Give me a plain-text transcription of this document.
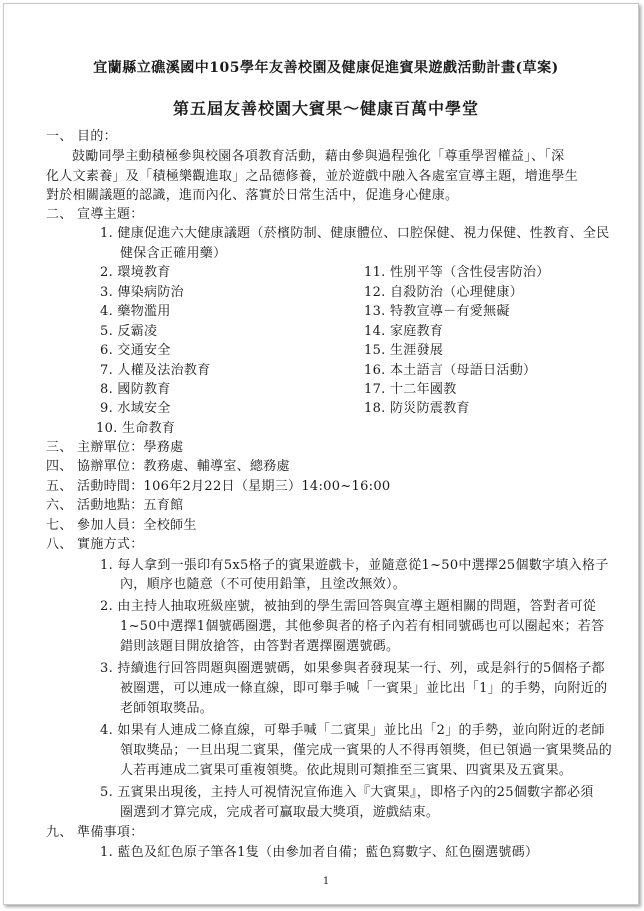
宜蘭縣立礁溪國中105學年友善校園及健康促進賓果遊戲活動計畫(草案)
第五屆友善校園大賓果～健康百萬中學堂
一、 目的：
鼓勵同學主動積極參與校園各項教育活動，藉由參與過程強化「尊重學習權益」、「深
化人文素養」及「積極樂觀進取」之品德修養，並於遊戲中融入各處室宣導主題，增進學生
對於相關議題的認識，進而內化、落實於日常生活中，促進身心健康。
二、 宣導主題：
1. 健康促進六大健康議題（菸檳防制、健康體位、口腔保健、視力保健、性教育、全民
健保含正確用藥）
2. 環境教育
3. 傳染病防治
4. 藥物濫用
5. 反霸凌
6. 交通安全
7. 人權及法治教育
8. 國防教育
9. 水域安全
10. 生命教育
11. 性別平等（含性侵害防治）
12. 自殺防治（心理健康）
13. 特教宣導－有愛無礙
14. 家庭教育
15. 生涯發展
16. 本土語言（母語日活動）
17. 十二年國教
18. 防災防震教育
三、 主辦單位：學務處
四、 協辦單位：教務處、輔導室、總務處
五、 活動時間：106年2月22日（星期三）14:00~16:00
六、 活動地點：五育館
七、 參加人員：全校師生
八、 實施方式：
1. 每人拿到一張印有5x5格子的賓果遊戲卡，並隨意從1~50中選擇25個數字填入格子
內，順序也隨意（不可使用鉛筆，且塗改無效）。
2. 由主持人抽取班級座號，被抽到的學生需回答與宣導主題相關的問題，答對者可從
1~50中選擇1個號碼圈選，其他參與者的格子內若有相同號碼也可以圈起來；若答
錯則該題目開放搶答，由答對者選擇圈選號碼。
3. 持續進行回答問題與圈選號碼，如果參與者發現某一行、列，或是斜行的5個格子都
被圈選，可以連成一條直線，即可舉手喊「一賓果」並比出「1」的手勢，向附近的
老師領取獎品。
4. 如果有人連成二條直線，可舉手喊「二賓果」並比出「2」的手勢，並向附近的老師
領取獎品；一旦出現二賓果，僅完成一賓果的人不得再領獎，但已領過一賓果獎品的
人若再連成二賓果可重複領獎。依此規則可類推至三賓果、四賓果及五賓果。
5. 五賓果出現後，主持人可視情況宣佈進入『大賓果』，即格子內的25個數字都必須
圈選到才算完成，完成者可贏取最大獎項，遊戲結束。
九、 準備事項：
1. 藍色及紅色原子筆各1隻（由參加者自備；藍色寫數字、紅色圈選號碼）
1
